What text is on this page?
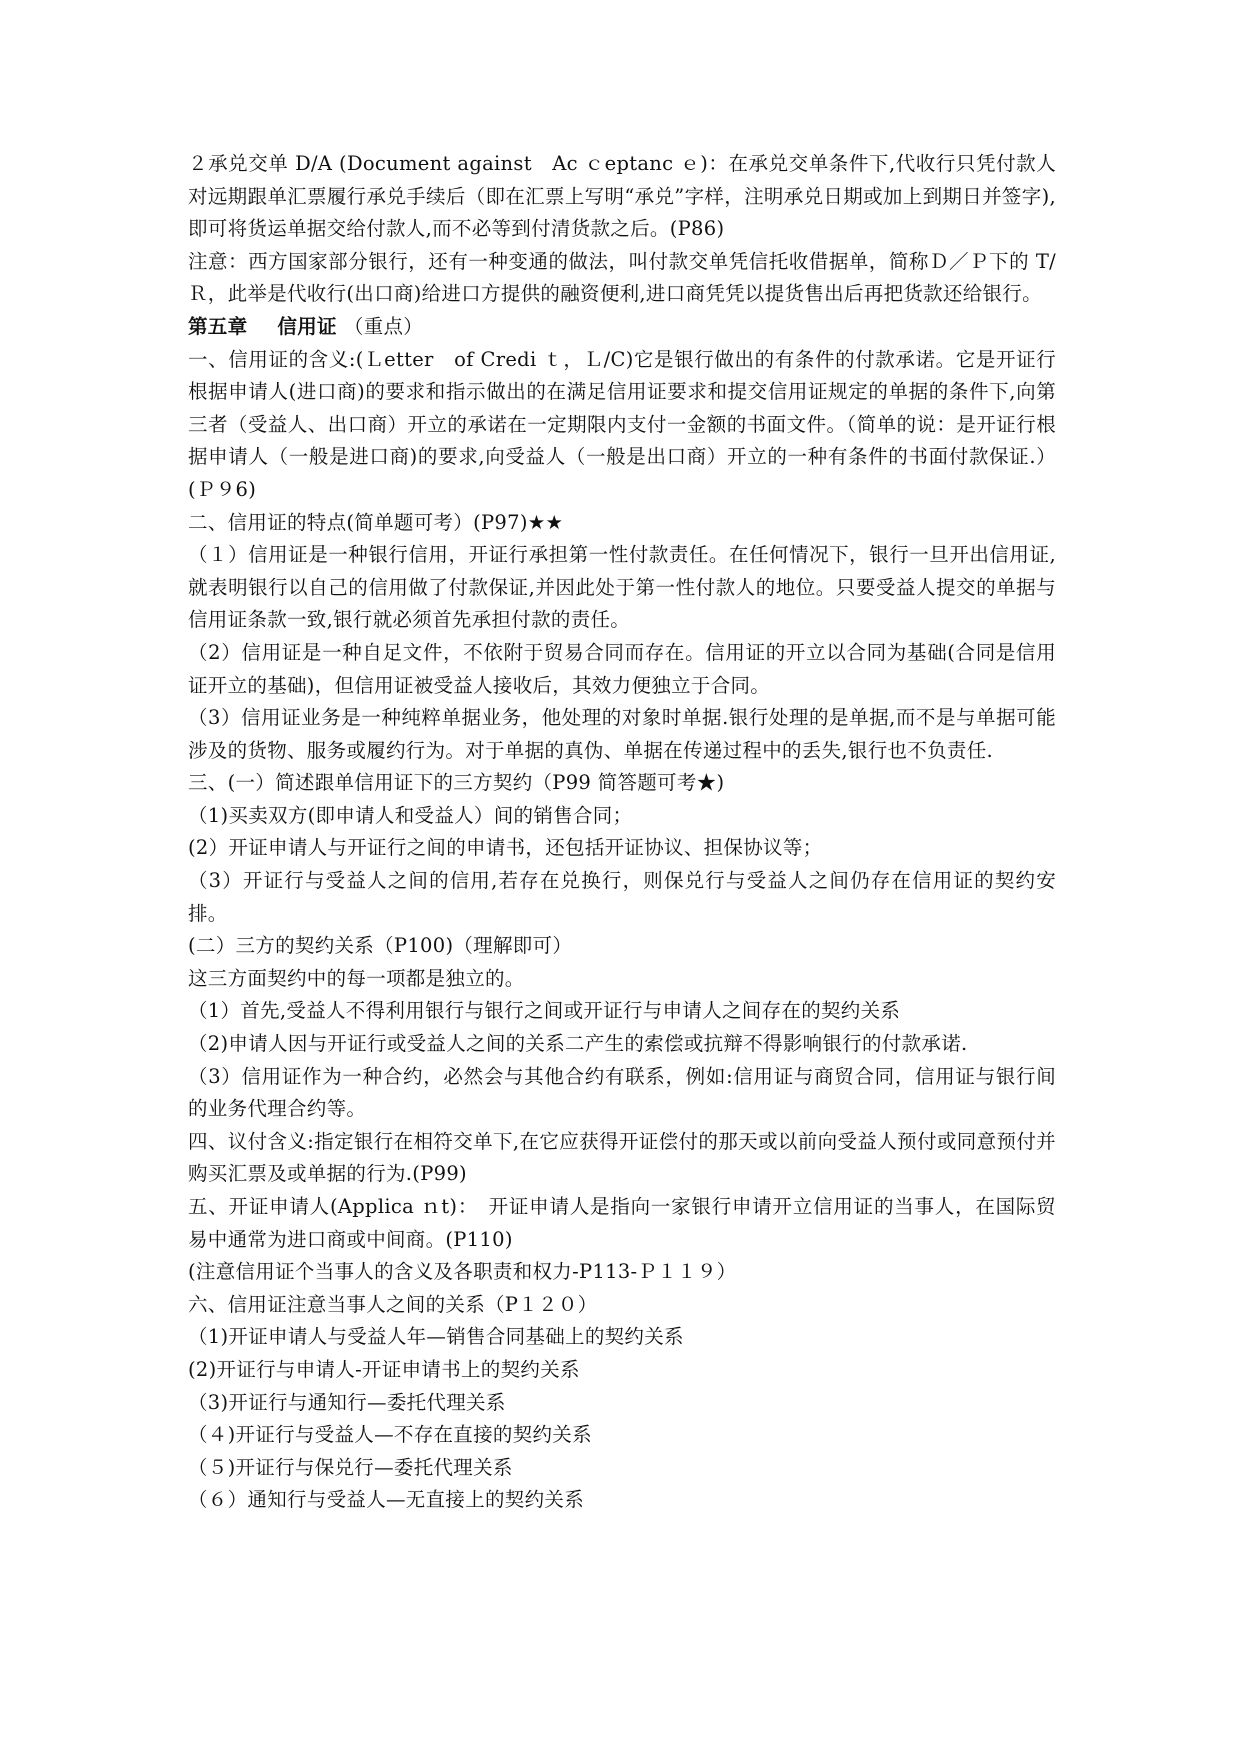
２承兑交单 D/A (Document against　Ac ｃeptanc ｅ)：在承兑交单条件下,代收行只凭付款人对远期跟单汇票履行承兑手续后（即在汇票上写明“承兑”字样，注明承兑日期或加上到期日并签字),即可将货运单据交给付款人,而不必等到付清货款之后。(P86)

注意：西方国家部分银行，还有一种变通的做法，叫付款交单凭信托收借据单，简称Ｄ／Ｐ下的 T/Ｒ，此举是代收行(出口商)给进口方提供的融资便利,进口商凭凭以提货售出后再把货款还给银行。

第五章 信用证 （重点）

一、信用证的含义:(Ｌetter　of Credi ｔ，Ｌ/C)它是银行做出的有条件的付款承诺。它是开证行根据申请人(进口商)的要求和指示做出的在满足信用证要求和提交信用证规定的单据的条件下,向第三者（受益人、出口商）开立的承诺在一定期限内支付一金额的书面文件。（简单的说：是开证行根据申请人（一般是进口商)的要求,向受益人（一般是出口商）开立的一种有条件的书面付款保证.）(Ｐ９6)

二、信用证的特点(简单题可考）(P97)★★

（１）信用证是一种银行信用，开证行承担第一性付款责任。在任何情况下，银行一旦开出信用证,就表明银行以自己的信用做了付款保证,并因此处于第一性付款人的地位。只要受益人提交的单据与信用证条款一致,银行就必须首先承担付款的责任。

（2）信用证是一种自足文件，不依附于贸易合同而存在。信用证的开立以合同为基础(合同是信用证开立的基础)，但信用证被受益人接收后，其效力便独立于合同。

（3）信用证业务是一种纯粹单据业务，他处理的对象时单据.银行处理的是单据,而不是与单据可能涉及的货物、服务或履约行为。对于单据的真伪、单据在传递过程中的丢失,银行也不负责任.

三、(一）简述跟单信用证下的三方契约（P99 简答题可考★)

（1)买卖双方(即申请人和受益人）间的销售合同；

(2）开证申请人与开证行之间的申请书，还包括开证协议、担保协议等；

（3）开证行与受益人之间的信用,若存在兑换行，则保兑行与受益人之间仍存在信用证的契约安排。

(二）三方的契约关系（P100)（理解即可）

这三方面契约中的每一项都是独立的。

（1）首先,受益人不得利用银行与银行之间或开证行与申请人之间存在的契约关系

（2)申请人因与开证行或受益人之间的关系二产生的索偿或抗辩不得影响银行的付款承诺.

（3）信用证作为一种合约，必然会与其他合约有联系，例如:信用证与商贸合同，信用证与银行间的业务代理合约等。

四、议付含义:指定银行在相符交单下,在它应获得开证偿付的那天或以前向受益人预付或同意预付并购买汇票及或单据的行为.(P99)

五、开证申请人(Applica ｎt)：　开证申请人是指向一家银行申请开立信用证的当事人，在国际贸易中通常为进口商或中间商。(P110)

(注意信用证个当事人的含义及各职责和权力-P113-Ｐ１１９）

六、信用证注意当事人之间的关系（P１２０）

（1)开证申请人与受益人年—销售合同基础上的契约关系

(2)开证行与申请人-开证申请书上的契约关系

（3)开证行与通知行—委托代理关系

（４)开证行与受益人—不存在直接的契约关系

（５)开证行与保兑行—委托代理关系

（６）通知行与受益人—无直接上的契约关系
